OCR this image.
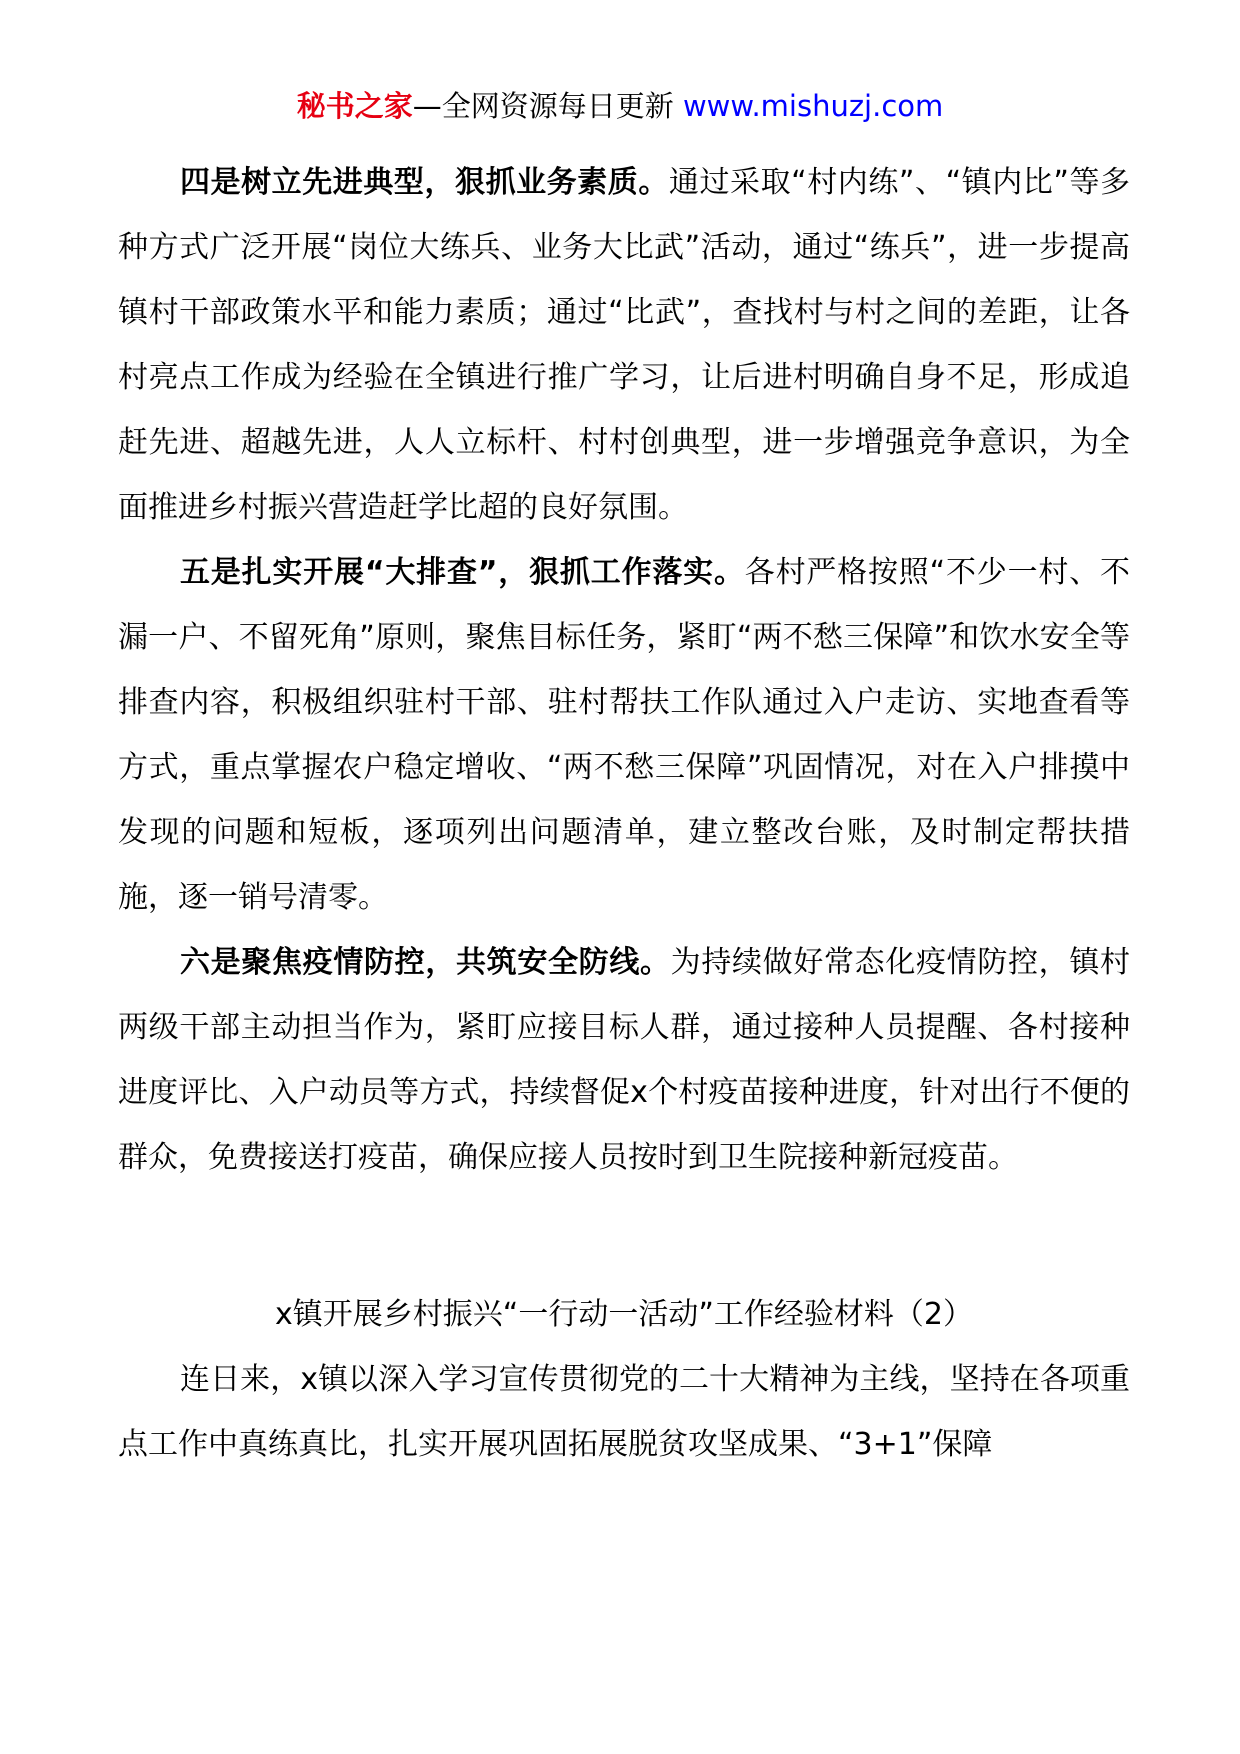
秘书之家—全网资源每日更新 www.mishuzj.com

四是树立先进典型，狠抓业务素质。通过采取“村内练”、“镇内比”等多种方式广泛开展“岗位大练兵、业务大比武”活动，通过“练兵”，进一步提高镇村干部政策水平和能力素质；通过“比武”，查找村与村之间的差距，让各村亮点工作成为经验在全镇进行推广学习，让后进村明确自身不足，形成追赶先进、超越先进，人人立标杆、村村创典型，进一步增强竞争意识，为全面推进乡村振兴营造赶学比超的良好氛围。

五是扎实开展“大排查”，狠抓工作落实。各村严格按照“不少一村、不漏一户、不留死角”原则，聚焦目标任务，紧盯“两不愁三保障”和饮水安全等排查内容，积极组织驻村干部、驻村帮扶工作队通过入户走访、实地查看等方式，重点掌握农户稳定增收、“两不愁三保障”巩固情况，对在入户排摸中发现的问题和短板，逐项列出问题清单，建立整改台账，及时制定帮扶措施，逐一销号清零。

六是聚焦疫情防控，共筑安全防线。为持续做好常态化疫情防控，镇村两级干部主动担当作为，紧盯应接目标人群，通过接种人员提醒、各村接种进度评比、入户动员等方式，持续督促x个村疫苗接种进度，针对出行不便的群众，免费接送打疫苗，确保应接人员按时到卫生院接种新冠疫苗。

x镇开展乡村振兴“一行动一活动”工作经验材料（2）

连日来，x镇以深入学习宣传贯彻党的二十大精神为主线，坚持在各项重点工作中真练真比，扎实开展巩固拓展脱贫攻坚成果、“3+1”保障
